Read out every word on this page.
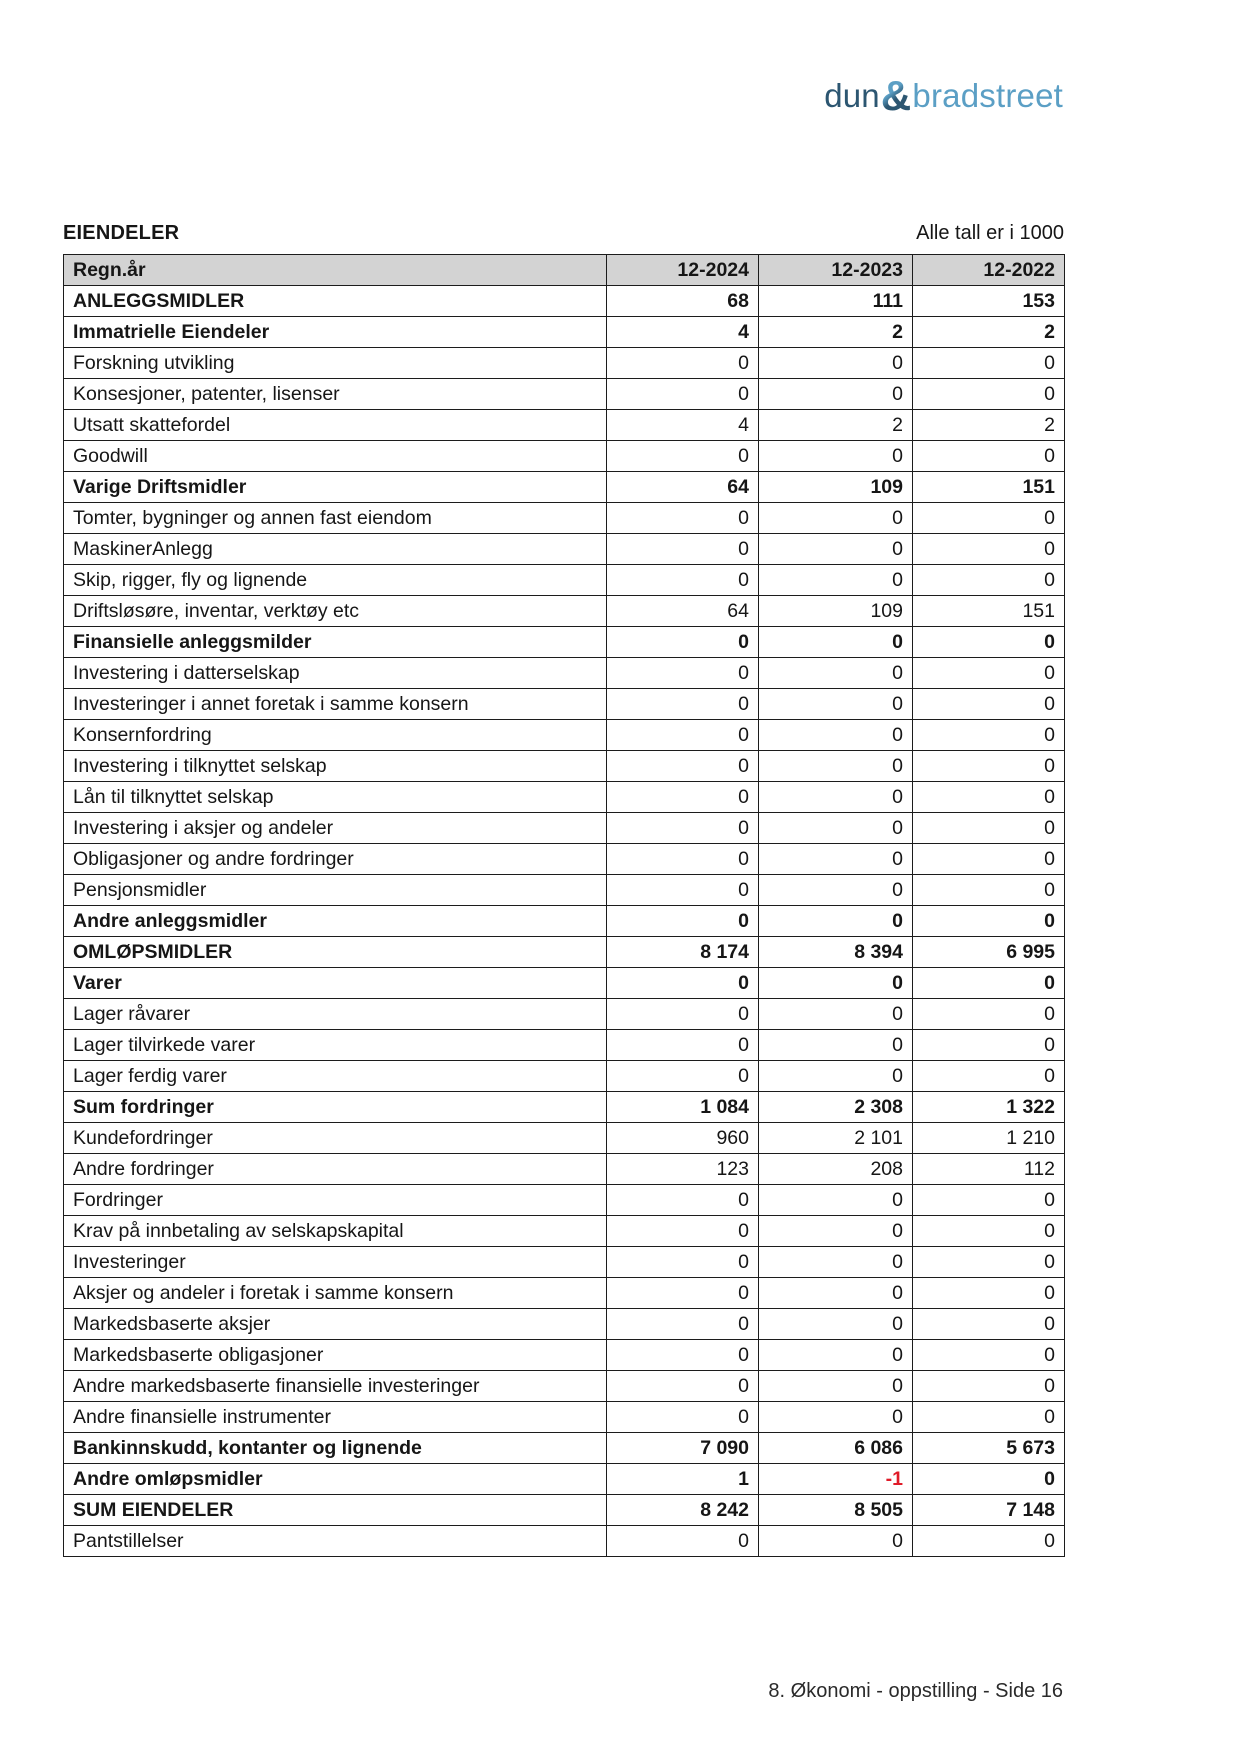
dun&bradstreet
EIENDELER	Alle tall er i 1000
Regn.år	12-2024	12-2023	12-2022
ANLEGGSMIDLER	68	111	153
Immatrielle Eiendeler	4	2	2
Forskning utvikling	0	0	0
Konsesjoner, patenter, lisenser	0	0	0
Utsatt skattefordel	4	2	2
Goodwill	0	0	0
Varige Driftsmidler	64	109	151
Tomter, bygninger og annen fast eiendom	0	0	0
MaskinerAnlegg	0	0	0
Skip, rigger, fly og lignende	0	0	0
Driftsløsøre, inventar, verktøy etc	64	109	151
Finansielle anleggsmilder	0	0	0
Investering i datterselskap	0	0	0
Investeringer i annet foretak i samme konsern	0	0	0
Konsernfordring	0	0	0
Investering i tilknyttet selskap	0	0	0
Lån til tilknyttet selskap	0	0	0
Investering i aksjer og andeler	0	0	0
Obligasjoner og andre fordringer	0	0	0
Pensjonsmidler	0	0	0
Andre anleggsmidler	0	0	0
OMLØPSMIDLER	8 174	8 394	6 995
Varer	0	0	0
Lager råvarer	0	0	0
Lager tilvirkede varer	0	0	0
Lager ferdig varer	0	0	0
Sum fordringer	1 084	2 308	1 322
Kundefordringer	960	2 101	1 210
Andre fordringer	123	208	112
Fordringer	0	0	0
Krav på innbetaling av selskapskapital	0	0	0
Investeringer	0	0	0
Aksjer og andeler i foretak i samme konsern	0	0	0
Markedsbaserte aksjer	0	0	0
Markedsbaserte obligasjoner	0	0	0
Andre markedsbaserte finansielle investeringer	0	0	0
Andre finansielle instrumenter	0	0	0
Bankinnskudd, kontanter og lignende	7 090	6 086	5 673
Andre omløpsmidler	1	-1	0
SUM EIENDELER	8 242	8 505	7 148
Pantstillelser	0	0	0
8. Økonomi - oppstilling - Side 16
